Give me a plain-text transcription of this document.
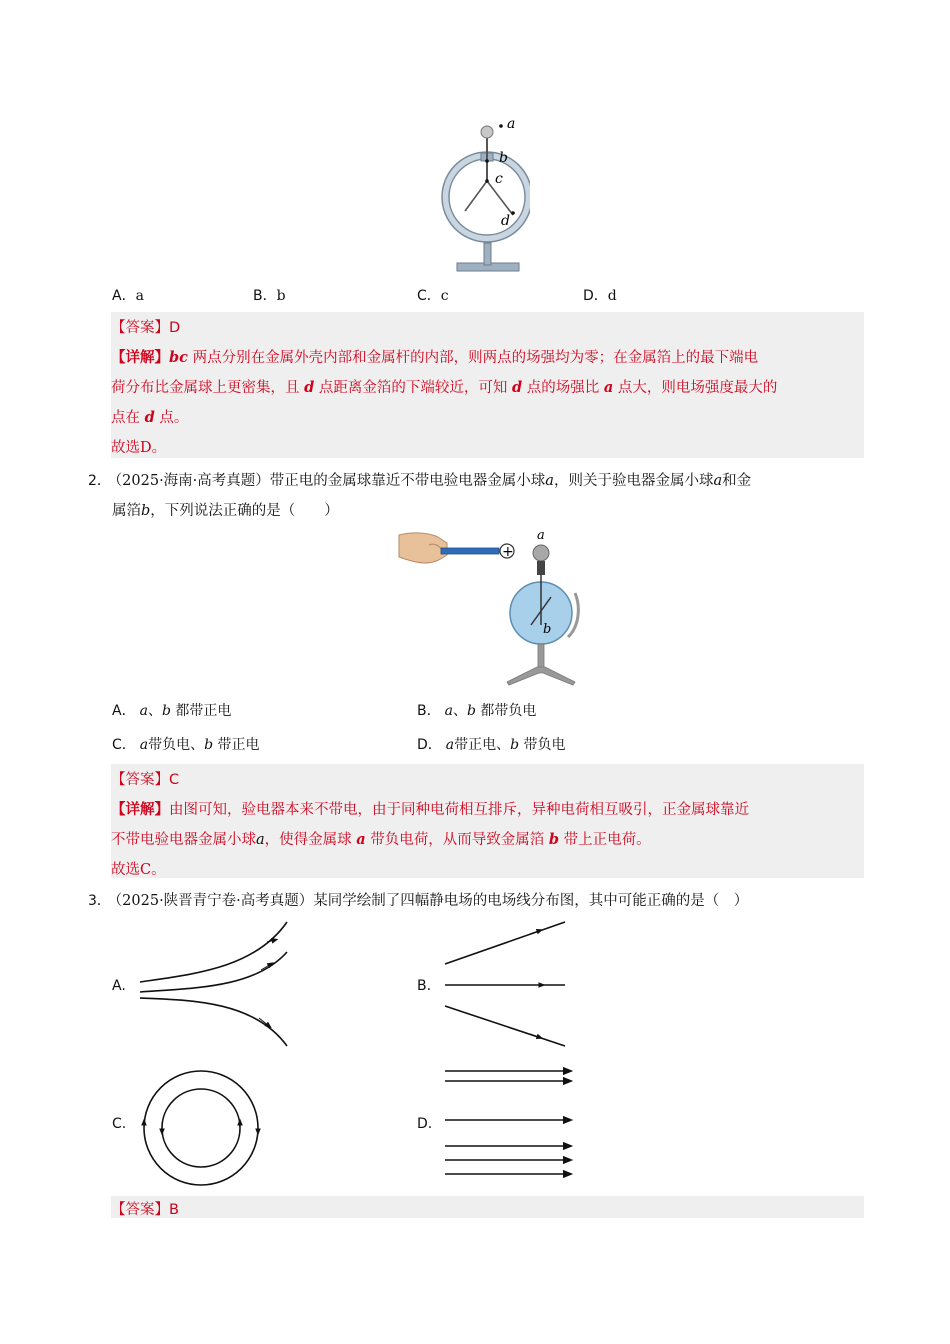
a
b
c
d
A．a	B．b	C．c	D．d
【答案】D
【详解】bc 两点分别在金属外壳内部和金属杆的内部，则两点的场强均为零；在金属箔上的最下端电
荷分布比金属球上更密集，且 d 点距离金箔的下端较近，可知 d 点的场强比 a 点大，则电场强度最大的
点在 d 点。
故选D。
2． （2025·海南·高考真题）带正电的金属球靠近不带电验电器金属小球a，则关于验电器金属小球a和金
属箔b，下列说法正确的是（　　）
+
a
b
A． a、b 都带正电	B． a、b 都带负电
C． a带负电、b 带正电	D． a带正电、b 带负电
【答案】C
【详解】由图可知，验电器本来不带电，由于同种电荷相互排斥，异种电荷相互吸引，正金属球靠近
不带电验电器金属小球a，使得金属球 a 带负电荷，从而导致金属箔 b 带上正电荷。
故选C。
3． （2025·陕晋青宁卷·高考真题）某同学绘制了四幅静电场的电场线分布图，其中可能正确的是（　）
A.	B.
C.	D.
【答案】B
